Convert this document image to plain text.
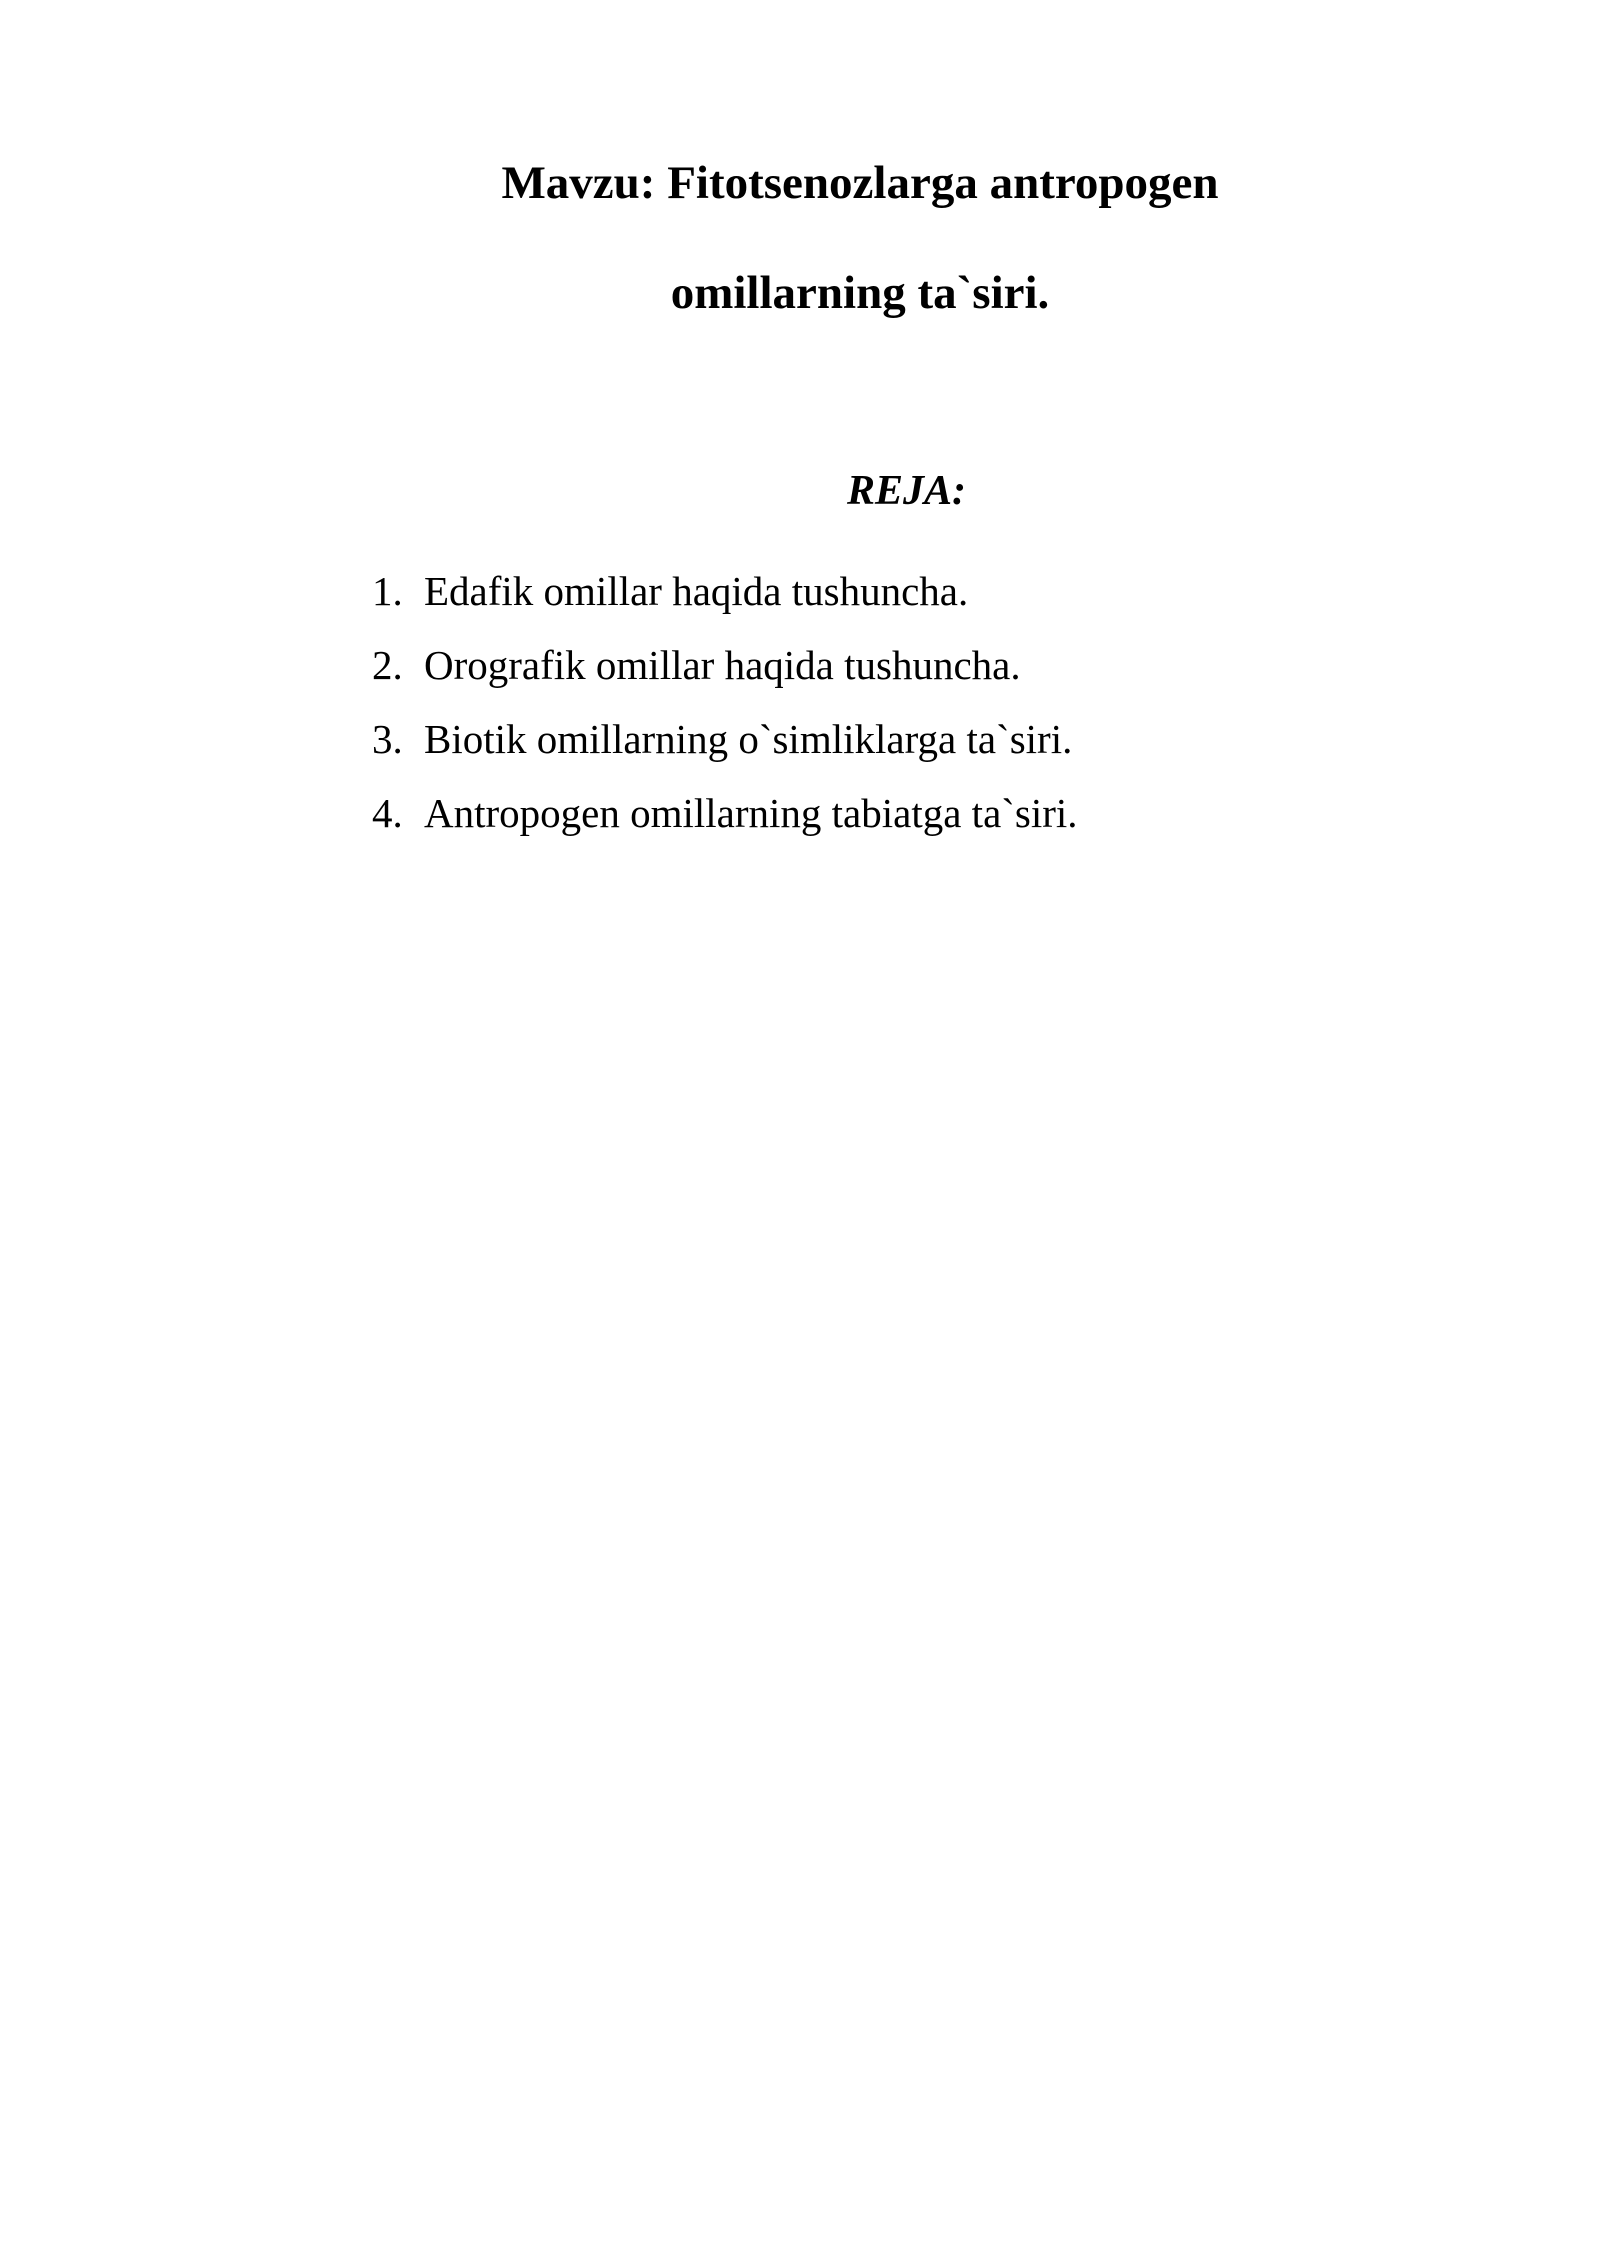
Mavzu: Fitotsenozlarga antropogen
omillarning ta`siri.
REJA:
1. Edafik omillar haqida tushuncha.
2. Orografik omillar haqida tushuncha.
3. Biotik omillarning o`simliklarga ta`siri.
4. Antropogen omillarning tabiatga ta`siri.
